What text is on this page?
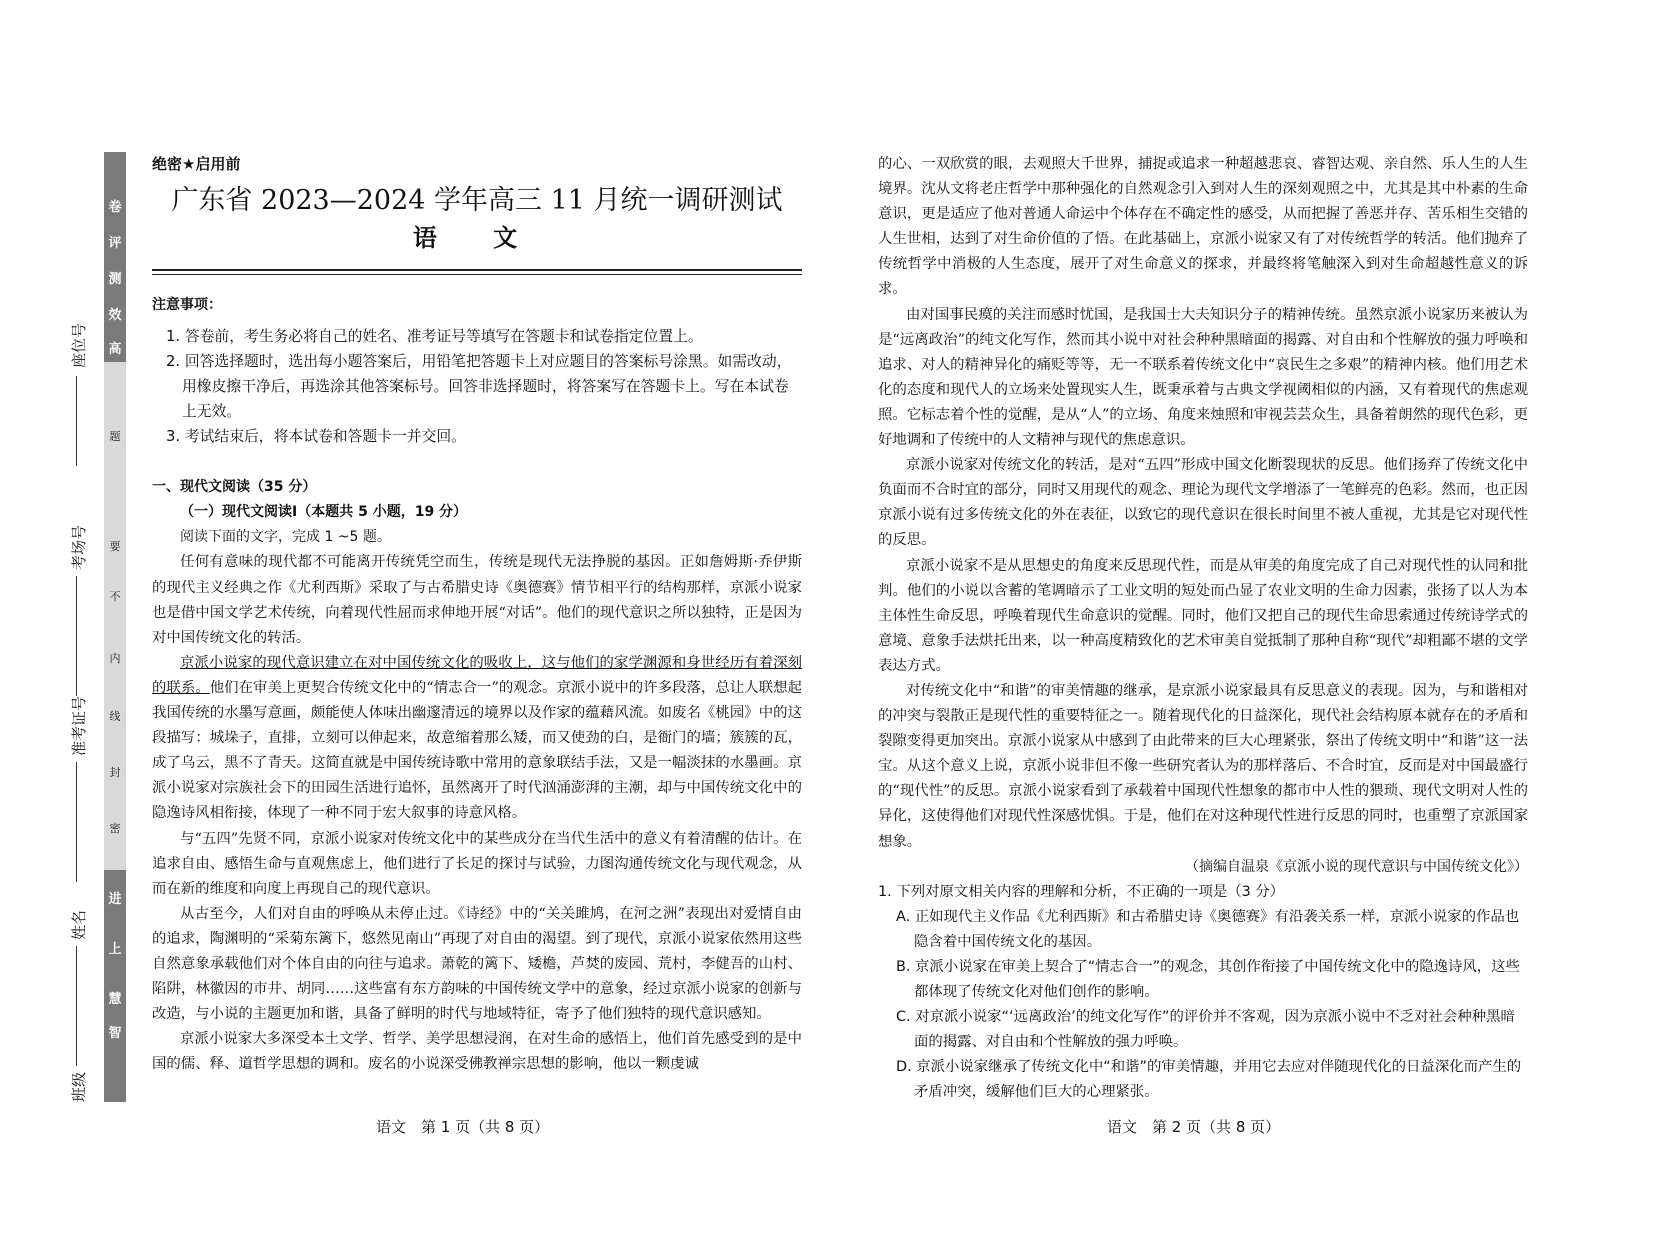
卷
评
测
效
高
题
要
不
内
线
封
密
进
上
慧
智
座位号
考场号
准考证号
姓名
班级
绝密★启用前
广东省 2023—2024 学年高三 11 月统一调研测试
语 文
注意事项：
1. 答卷前，考生务必将自己的姓名、准考证号等填写在答题卡和试卷指定位置上。
2. 回答选择题时，选出每小题答案后，用铅笔把答题卡上对应题目的答案标号涂黑。如需改动，用橡皮擦干净后，再选涂其他答案标号。回答非选择题时，将答案写在答题卡上。写在本试卷上无效。
3. 考试结束后，将本试卷和答题卡一并交回。
一、现代文阅读（35 分）
（一）现代文阅读Ⅰ（本题共 5 小题，19 分）
阅读下面的文字，完成 1 ~5 题。
任何有意味的现代都不可能离开传统凭空而生，传统是现代无法挣脱的基因。正如詹姆斯·乔伊斯的现代主义经典之作《尤利西斯》采取了与古希腊史诗《奥德赛》情节相平行的结构那样，京派小说家也是借中国文学艺术传统，向着现代性屈而求伸地开展“对话”。他们的现代意识之所以独特，正是因为对中国传统文化的转活。
京派小说家的现代意识建立在对中国传统文化的吸收上，这与他们的家学渊源和身世经历有着深刻的联系。他们在审美上更契合传统文化中的“情志合一”的观念。京派小说中的许多段落，总让人联想起我国传统的水墨写意画，颇能使人体味出幽邃清远的境界以及作家的蕴藉风流。如废名《桃园》中的这段描写：城垛子，直排，立刻可以伸起来，故意缩着那么矮，而又使劲的白，是衙门的墙；簇簇的瓦，成了乌云，黑不了青天。这简直就是中国传统诗歌中常用的意象联结手法，又是一幅淡抹的水墨画。京派小说家对宗族社会下的田园生活进行追怀，虽然离开了时代汹涌澎湃的主潮，却与中国传统文化中的隐逸诗风相衔接，体现了一种不同于宏大叙事的诗意风格。
与“五四”先贤不同，京派小说家对传统文化中的某些成分在当代生活中的意义有着清醒的估计。在追求自由、感悟生命与直观焦虑上，他们进行了长足的探讨与试验，力图沟通传统文化与现代观念，从而在新的维度和向度上再现自己的现代意识。
从古至今，人们对自由的呼唤从未停止过。《诗经》中的“关关雎鸠，在河之洲”表现出对爱情自由的追求，陶渊明的“采菊东篱下，悠然见南山”再现了对自由的渴望。到了现代，京派小说家依然用这些自然意象承载他们对个体自由的向往与追求。萧乾的篱下、矮檐，芦焚的废园、荒村，李健吾的山村、陷阱，林徽因的市井、胡同……这些富有东方韵味的中国传统文学中的意象，经过京派小说家的创新与改造，与小说的主题更加和谐，具备了鲜明的时代与地域特征，寄予了他们独特的现代意识感知。
京派小说家大多深受本土文学、哲学、美学思想浸润，在对生命的感悟上，他们首先感受到的是中国的儒、释、道哲学思想的调和。废名的小说深受佛教禅宗思想的影响，他以一颗虔诚
的心、一双欣赏的眼，去观照大千世界，捕捉或追求一种超越悲哀、睿智达观、亲自然、乐人生的人生境界。沈从文将老庄哲学中那种强化的自然观念引入到对人生的深刻观照之中，尤其是其中朴素的生命意识，更是适应了他对普通人命运中个体存在不确定性的感受，从而把握了善恶并存、苦乐相生交错的人生世相，达到了对生命价值的了悟。在此基础上，京派小说家又有了对传统哲学的转活。他们抛弃了传统哲学中消极的人生态度，展开了对生命意义的探求，并最终将笔触深入到对生命超越性意义的诉求。
由对国事民瘼的关注而感时忧国，是我国士大夫知识分子的精神传统。虽然京派小说家历来被认为是“远离政治”的纯文化写作，然而其小说中对社会种种黑暗面的揭露、对自由和个性解放的强力呼唤和追求、对人的精神异化的痛贬等等，无一不联系着传统文化中“哀民生之多艰”的精神内核。他们用艺术化的态度和现代人的立场来处置现实人生，既秉承着与古典文学视阈相似的内涵，又有着现代的焦虑观照。它标志着个性的觉醒，是从“人”的立场、角度来烛照和审视芸芸众生，具备着朗然的现代色彩，更好地调和了传统中的人文精神与现代的焦虑意识。
京派小说家对传统文化的转活，是对“五四”形成中国文化断裂现状的反思。他们扬弃了传统文化中负面而不合时宜的部分，同时又用现代的观念、理论为现代文学增添了一笔鲜亮的色彩。然而，也正因京派小说有过多传统文化的外在表征，以致它的现代意识在很长时间里不被人重视，尤其是它对现代性的反思。
京派小说家不是从思想史的角度来反思现代性，而是从审美的角度完成了自己对现代性的认同和批判。他们的小说以含蓄的笔调暗示了工业文明的短处而凸显了农业文明的生命力因素，张扬了以人为本主体性生命反思，呼唤着现代生命意识的觉醒。同时，他们又把自己的现代生命思索通过传统诗学式的意境、意象手法烘托出来，以一种高度精致化的艺术审美自觉抵制了那种自称“现代”却粗鄙不堪的文学表达方式。
对传统文化中“和谐”的审美情趣的继承，是京派小说家最具有反思意义的表现。因为，与和谐相对的冲突与裂散正是现代性的重要特征之一。随着现代化的日益深化，现代社会结构原本就存在的矛盾和裂隙变得更加突出。京派小说家从中感到了由此带来的巨大心理紧张，祭出了传统文明中“和谐”这一法宝。从这个意义上说，京派小说非但不像一些研究者认为的那样落后、不合时宜，反而是对中国最盛行的“现代性”的反思。京派小说家看到了承载着中国现代性想象的都市中人性的猥琐、现代文明对人性的异化，这使得他们对现代性深感忧惧。于是，他们在对这种现代性进行反思的同时，也重塑了京派国家想象。
（摘编自温泉《京派小说的现代意识与中国传统文化》）
1. 下列对原文相关内容的理解和分析，不正确的一项是（3 分）
A. 正如现代主义作品《尤利西斯》和古希腊史诗《奥德赛》有沿袭关系一样，京派小说家的作品也隐含着中国传统文化的基因。
B. 京派小说家在审美上契合了“情志合一”的观念，其创作衔接了中国传统文化中的隐逸诗风，这些都体现了传统文化对他们创作的影响。
C. 对京派小说家“‘远离政治’的纯文化写作”的评价并不客观，因为京派小说中不乏对社会种种黑暗面的揭露、对自由和个性解放的强力呼唤。
D. 京派小说家继承了传统文化中“和谐”的审美情趣，并用它去应对伴随现代化的日益深化而产生的矛盾冲突，缓解他们巨大的心理紧张。
语文　第 1 页（共 8 页）	语文　第 2 页（共 8 页）
